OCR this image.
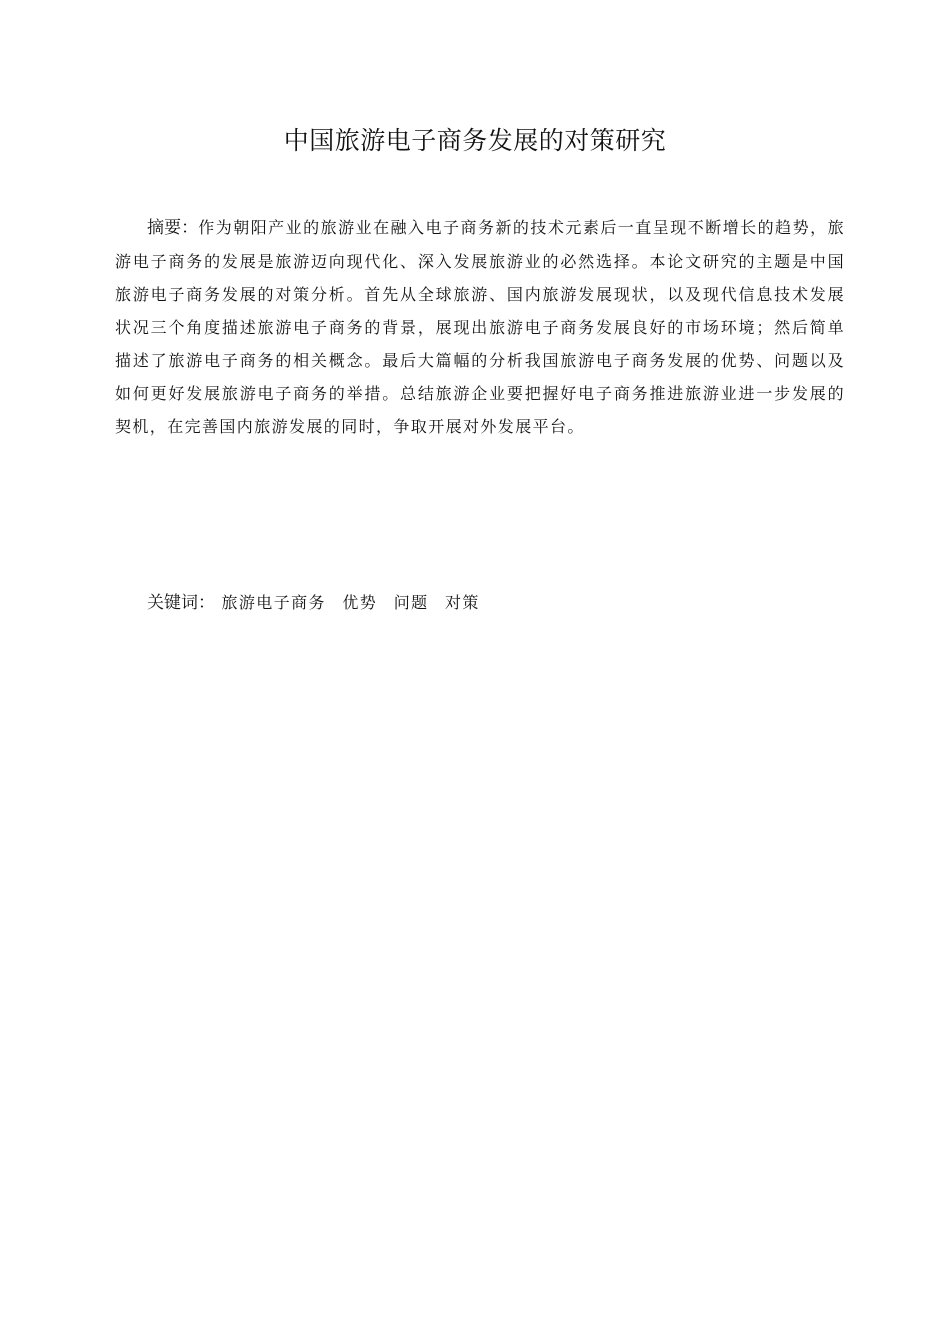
中国旅游电子商务发展的对策研究

摘要：作为朝阳产业的旅游业在融入电子商务新的技术元素后一直呈现不断增长的趋势，旅游电子商务的发展是旅游迈向现代化、深入发展旅游业的必然选择。本论文研究的主题是中国旅游电子商务发展的对策分析。首先从全球旅游、国内旅游发展现状，以及现代信息技术发展状况三个角度描述旅游电子商务的背景，展现出旅游电子商务发展良好的市场环境；然后简单描述了旅游电子商务的相关概念。最后大篇幅的分析我国旅游电子商务发展的优势、问题以及如何更好发展旅游电子商务的举措。总结旅游企业要把握好电子商务推进旅游业进一步发展的契机，在完善国内旅游发展的同时，争取开展对外发展平台。

关键词： 旅游电子商务 优势 问题 对策
